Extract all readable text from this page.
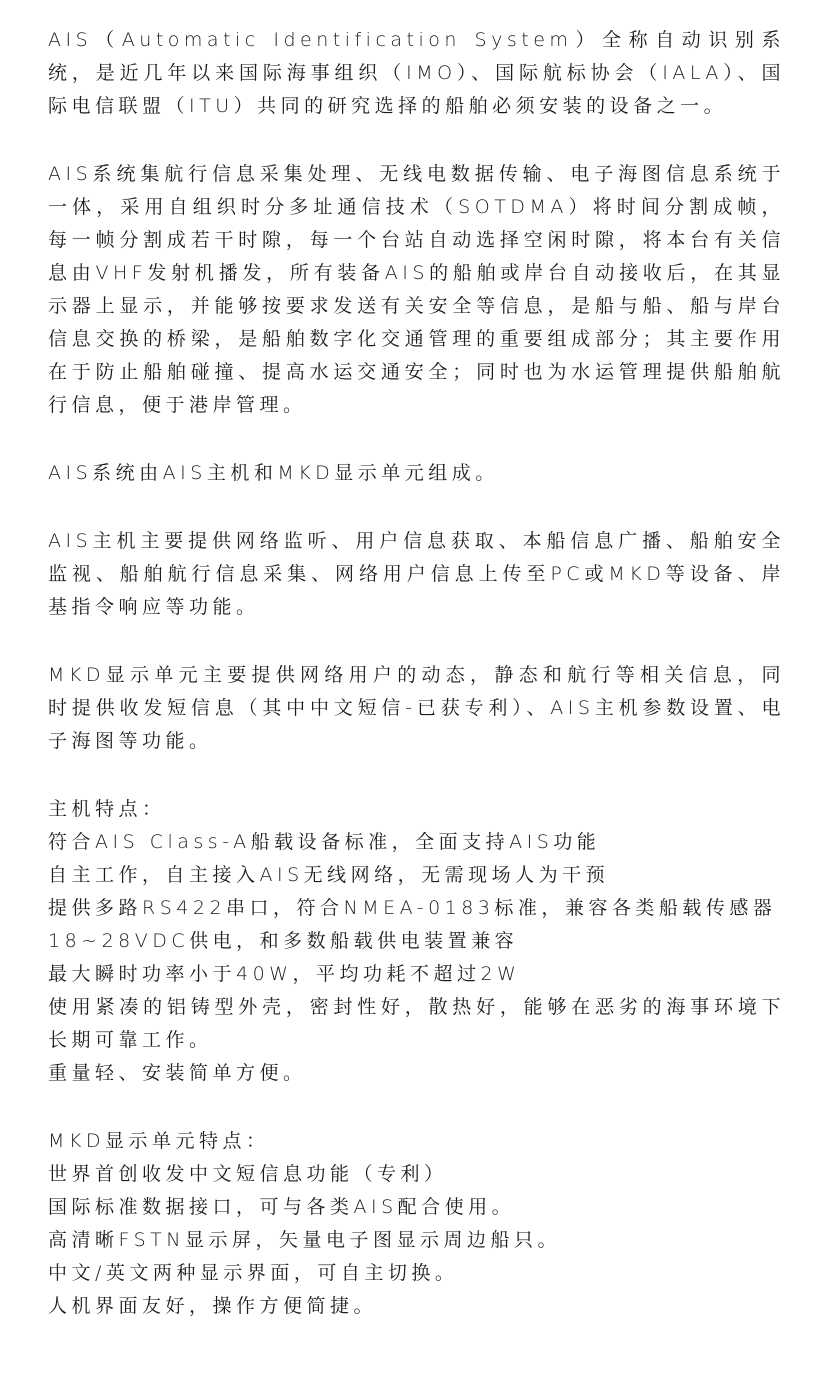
AIS（Automatic Identification System）全称自动识别系统，是近几年以来国际海事组织（IMO）、国际航标协会（IALA）、国际电信联盟（ITU）共同的研究选择的船舶必须安装的设备之一。

AIS系统集航行信息采集处理、无线电数据传输、电子海图信息系统于一体，采用自组织时分多址通信技术（SOTDMA）将时间分割成帧，每一帧分割成若干时隙，每一个台站自动选择空闲时隙，将本台有关信息由VHF发射机播发，所有装备AIS的船舶或岸台自动接收后，在其显示器上显示，并能够按要求发送有关安全等信息，是船与船、船与岸台信息交换的桥梁，是船舶数字化交通管理的重要组成部分；其主要作用在于防止船舶碰撞、提高水运交通安全；同时也为水运管理提供船舶航行信息，便于港岸管理。

AIS系统由AIS主机和MKD显示单元组成。

AIS主机主要提供网络监听、用户信息获取、本船信息广播、船舶安全监视、船舶航行信息采集、网络用户信息上传至PC或MKD等设备、岸基指令响应等功能。

MKD显示单元主要提供网络用户的动态，静态和航行等相关信息，同时提供收发短信息（其中中文短信-已获专利）、AIS主机参数设置、电子海图等功能。

主机特点：
符合AIS Class-A船载设备标准，全面支持AIS功能
自主工作，自主接入AIS无线网络，无需现场人为干预
提供多路RS422串口，符合NMEA-0183标准，兼容各类船载传感器
18~28VDC供电，和多数船载供电装置兼容
最大瞬时功率小于40W，平均功耗不超过2W
使用紧凑的铝铸型外壳，密封性好，散热好，能够在恶劣的海事环境下长期可靠工作。
重量轻、安装简单方便。
MKD显示单元特点：
世界首创收发中文短信息功能（专利）
国际标准数据接口，可与各类AIS配合使用。
高清晰FSTN显示屏，矢量电子图显示周边船只。
中文/英文两种显示界面，可自主切换。
人机界面友好，操作方便简捷。
